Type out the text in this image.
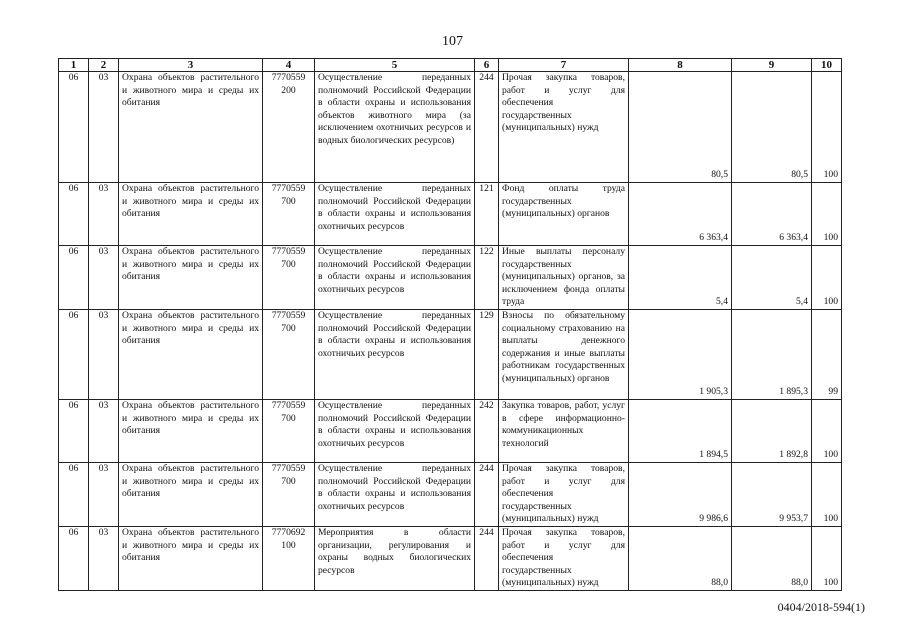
107
1	2	3	4	5	6	7	8	9	10
06	03	Охрана объектов растительного и животного мира и среды их обитания	7770559 200	Осуществление переданных полномочий Российской Федерации в области охраны и использования объектов животного мира (за исключением охотничьих ресурсов и водных биологических ресурсов)	244	Прочая закупка товаров, работ и услуг для обеспечения государственных (муниципальных) нужд	80,5	80,5	100
06	03	Охрана объектов растительного и животного мира и среды их обитания	7770559 700	Осуществление переданных полномочий Российской Федерации в области охраны и использования охотничьих ресурсов	121	Фонд оплаты труда государственных (муниципальных) органов	6 363,4	6 363,4	100
06	03	Охрана объектов растительного и животного мира и среды их обитания	7770559 700	Осуществление переданных полномочий Российской Федерации в области охраны и использования охотничьих ресурсов	122	Иные выплаты персоналу государственных (муниципальных) органов, за исключением фонда оплаты труда	5,4	5,4	100
06	03	Охрана объектов растительного и животного мира и среды их обитания	7770559 700	Осуществление переданных полномочий Российской Федерации в области охраны и использования охотничьих ресурсов	129	Взносы по обязательному социальному страхованию на выплаты денежного содержания и иные выплаты работникам государственных (муниципальных) органов	1 905,3	1 895,3	99
06	03	Охрана объектов растительного и животного мира и среды их обитания	7770559 700	Осуществление переданных полномочий Российской Федерации в области охраны и использования охотничьих ресурсов	242	Закупка товаров, работ, услуг в сфере информационно-коммуникационных технологий	1 894,5	1 892,8	100
06	03	Охрана объектов растительного и животного мира и среды их обитания	7770559 700	Осуществление переданных полномочий Российской Федерации в области охраны и использования охотничьих ресурсов	244	Прочая закупка товаров, работ и услуг для обеспечения государственных (муниципальных) нужд	9 986,6	9 953,7	100
06	03	Охрана объектов растительного и животного мира и среды их обитания	7770692 100	Мероприятия в области организации, регулирования и охраны водных биологических ресурсов	244	Прочая закупка товаров, работ и услуг для обеспечения государственных (муниципальных) нужд	88,0	88,0	100
0404/2018-594(1)
